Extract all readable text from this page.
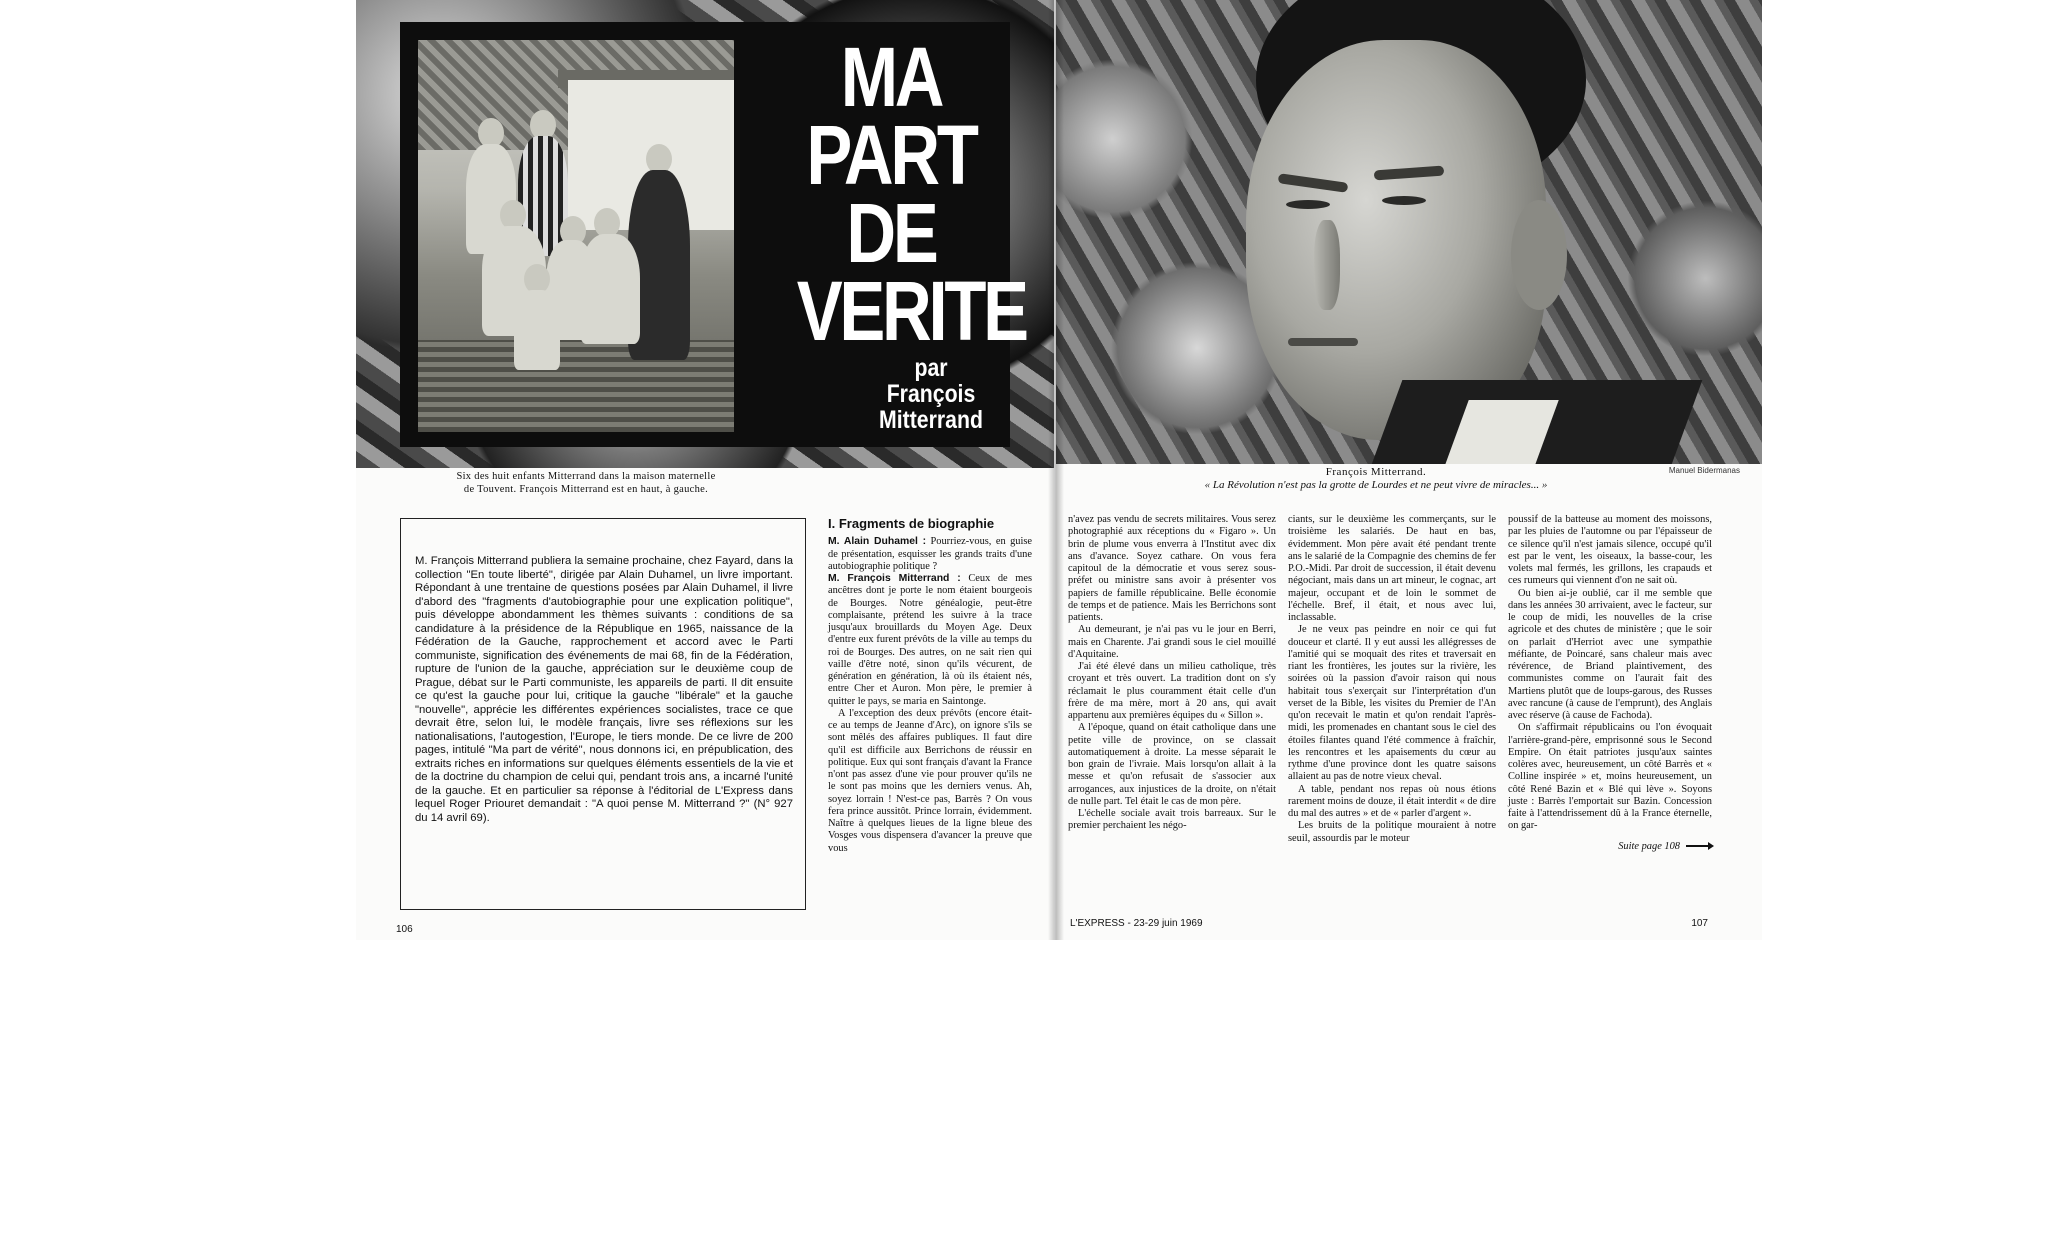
MA
PART
DE
VERITE
par
François
Mitterrand
Six des huit enfants Mitterrand dans la maison maternelle
de Touvent. François Mitterrand est en haut, à gauche.
M. François Mitterrand publiera la semaine prochaine, chez Fayard, dans la collection "En toute liberté", dirigée par Alain Duhamel, un livre important. Répondant à une trentaine de questions posées par Alain Duhamel, il livre d'abord des "fragments d'autobiographie pour une explication politique", puis développe abondamment les thèmes suivants : conditions de sa candidature à la présidence de la République en 1965, naissance de la Fédération de la Gauche, rapprochement et accord avec le Parti communiste, signification des événements de mai 68, fin de la Fédération, rupture de l'union de la gauche, appréciation sur le deuxième coup de Prague, débat sur le Parti communiste, les appareils de parti. Il dit ensuite ce qu'est la gauche pour lui, critique la gauche "libérale" et la gauche "nouvelle", apprécie les différentes expériences socialistes, trace ce que devrait être, selon lui, le modèle français, livre ses réflexions sur les nationalisations, l'autogestion, l'Europe, le tiers monde. De ce livre de 200 pages, intitulé "Ma part de vérité", nous donnons ici, en prépublication, des extraits riches en informations sur quelques éléments essentiels de la vie et de la doctrine du champion de celui qui, pendant trois ans, a incarné l'unité de la gauche. Et en particulier sa réponse à l'éditorial de L'Express dans lequel Roger Priouret demandait : "A quoi pense M. Mitterrand ?" (N° 927 du 14 avril 69).
I. Fragments de biographie

M. Alain Duhamel : Pourriez-vous, en guise de présentation, esquisser les grands traits d'une autobiographie politique ?

M. François Mitterrand : Ceux de mes ancêtres dont je porte le nom étaient bourgeois de Bourges. Notre généalogie, peut-être complaisante, prétend les suivre à la trace jusqu'aux brouillards du Moyen Age. Deux d'entre eux furent prévôts de la ville au temps du roi de Bourges. Des autres, on ne sait rien qui vaille d'être noté, sinon qu'ils vécurent, de génération en génération, là où ils étaient nés, entre Cher et Auron. Mon père, le premier à quitter le pays, se maria en Saintonge.

A l'exception des deux prévôts (encore était-ce au temps de Jeanne d'Arc), on ignore s'ils se sont mêlés des affaires publiques. Il faut dire qu'il est difficile aux Berrichons de réussir en politique. Eux qui sont français d'avant la France n'ont pas assez d'une vie pour prouver qu'ils ne le sont pas moins que les derniers venus. Ah, soyez lorrain ! N'est-ce pas, Barrès ? On vous fera prince aussitôt. Prince lorrain, évidemment. Naître à quelques lieues de la ligne bleue des Vosges vous dispensera d'avancer la preuve que vous

106
Manuel Bidermanas
François Mitterrand.
« La Révolution n'est pas la grotte de Lourdes et ne peut vivre de miracles... »

n'avez pas vendu de secrets militaires. Vous serez photographié aux réceptions du « Figaro ». Un brin de plume vous enverra à l'Institut avec dix ans d'avance. Soyez cathare. On vous fera capitoul de la démocratie et vous serez sous-préfet ou ministre sans avoir à présenter vos papiers de famille républicaine. Belle économie de temps et de patience. Mais les Berrichons sont patients.

Au demeurant, je n'ai pas vu le jour en Berri, mais en Charente. J'ai grandi sous le ciel mouillé d'Aquitaine.

J'ai été élevé dans un milieu catholique, très croyant et très ouvert. La tradition dont on s'y réclamait le plus couramment était celle d'un frère de ma mère, mort à 20 ans, qui avait appartenu aux premières équipes du « Sillon ».

A l'époque, quand on était catholique dans une petite ville de province, on se classait automatiquement à droite. La messe séparait le bon grain de l'ivraie. Mais lorsqu'on allait à la messe et qu'on refusait de s'associer aux arrogances, aux injustices de la droite, on n'était de nulle part. Tel était le cas de mon père.

L'échelle sociale avait trois barreaux. Sur le premier perchaient les négo-

ciants, sur le deuxième les commerçants, sur le troisième les salariés. De haut en bas, évidemment. Mon père avait été pendant trente ans le salarié de la Compagnie des chemins de fer P.O.-Midi. Par droit de succession, il était devenu négociant, mais dans un art mineur, le cognac, art majeur, occupant et de loin le sommet de l'échelle. Bref, il était, et nous avec lui, inclassable.

Je ne veux pas peindre en noir ce qui fut douceur et clarté. Il y eut aussi les allégresses de l'amitié qui se moquait des rites et traversait en riant les frontières, les joutes sur la rivière, les soirées où la passion d'avoir raison qui nous habitait tous s'exerçait sur l'interprétation d'un verset de la Bible, les visites du Premier de l'An qu'on recevait le matin et qu'on rendait l'après-midi, les promenades en chantant sous le ciel des étoiles filantes quand l'été commence à fraîchir, les rencontres et les apaisements du cœur au rythme d'une province dont les quatre saisons allaient au pas de notre vieux cheval.

A table, pendant nos repas où nous étions rarement moins de douze, il était interdit « de dire du mal des autres » et de « parler d'argent ».

Les bruits de la politique mouraient à notre seuil, assourdis par le moteur

poussif de la batteuse au moment des moissons, par les pluies de l'automne ou par l'épaisseur de ce silence qu'il n'est jamais silence, occupé qu'il est par le vent, les oiseaux, la basse-cour, les volets mal fermés, les grillons, les crapauds et ces rumeurs qui viennent d'on ne sait où.

Ou bien ai-je oublié, car il me semble que dans les années 30 arrivaient, avec le facteur, sur le coup de midi, les nouvelles de la crise agricole et des chutes de ministère ; que le soir on parlait d'Herriot avec une sympathie méfiante, de Poincaré, sans chaleur mais avec révérence, de Briand plaintivement, des communistes comme on l'aurait fait des Martiens plutôt que de loups-garous, des Russes avec rancune (à cause de l'emprunt), des Anglais avec réserve (à cause de Fachoda).

On s'affirmait républicains ou l'on évoquait l'arrière-grand-père, emprisonné sous le Second Empire. On était patriotes jusqu'aux saintes colères avec, heureusement, un côté Barrès et « Colline inspirée » et, moins heureusement, un côté René Bazin et « Blé qui lève ». Soyons juste : Barrès l'emportait sur Bazin. Concession faite à l'attendrissement dû à la France éternelle, on gar-

Suite page 108
L'EXPRESS - 23-29 juin 1969	107
